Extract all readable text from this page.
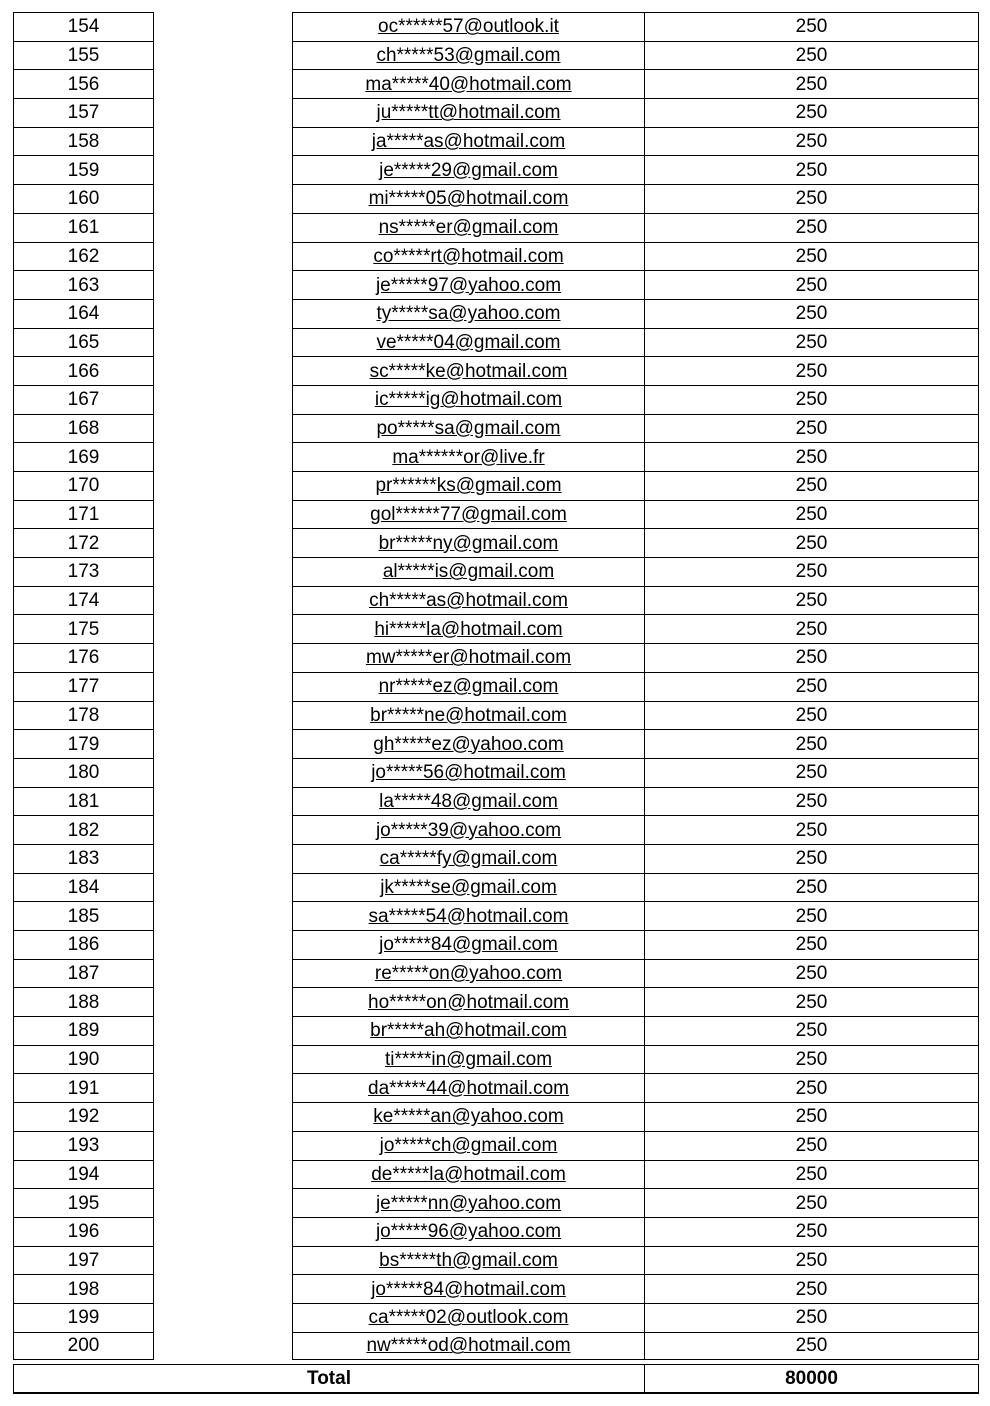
154	oc******57@outlook.it	250
155	ch*****53@gmail.com	250
156	ma*****40@hotmail.com	250
157	ju*****tt@hotmail.com	250
158	ja*****as@hotmail.com	250
159	je*****29@gmail.com	250
160	mi*****05@hotmail.com	250
161	ns*****er@gmail.com	250
162	co*****rt@hotmail.com	250
163	je*****97@yahoo.com	250
164	ty*****sa@yahoo.com	250
165	ve*****04@gmail.com	250
166	sc*****ke@hotmail.com	250
167	ic*****ig@hotmail.com	250
168	po*****sa@gmail.com	250
169	ma******or@live.fr	250
170	pr******ks@gmail.com	250
171	gol******77@gmail.com	250
172	br*****ny@gmail.com	250
173	al*****is@gmail.com	250
174	ch*****as@hotmail.com	250
175	hi*****la@hotmail.com	250
176	mw*****er@hotmail.com	250
177	nr*****ez@gmail.com	250
178	br*****ne@hotmail.com	250
179	gh*****ez@yahoo.com	250
180	jo*****56@hotmail.com	250
181	la*****48@gmail.com	250
182	jo*****39@yahoo.com	250
183	ca*****fy@gmail.com	250
184	jk*****se@gmail.com	250
185	sa*****54@hotmail.com	250
186	jo*****84@gmail.com	250
187	re*****on@yahoo.com	250
188	ho*****on@hotmail.com	250
189	br*****ah@hotmail.com	250
190	ti*****in@gmail.com	250
191	da*****44@hotmail.com	250
192	ke*****an@yahoo.com	250
193	jo*****ch@gmail.com	250
194	de*****la@hotmail.com	250
195	je*****nn@yahoo.com	250
196	jo*****96@yahoo.com	250
197	bs*****th@gmail.com	250
198	jo*****84@hotmail.com	250
199	ca*****02@outlook.com	250
200	nw*****od@hotmail.com	250
Total	80000
